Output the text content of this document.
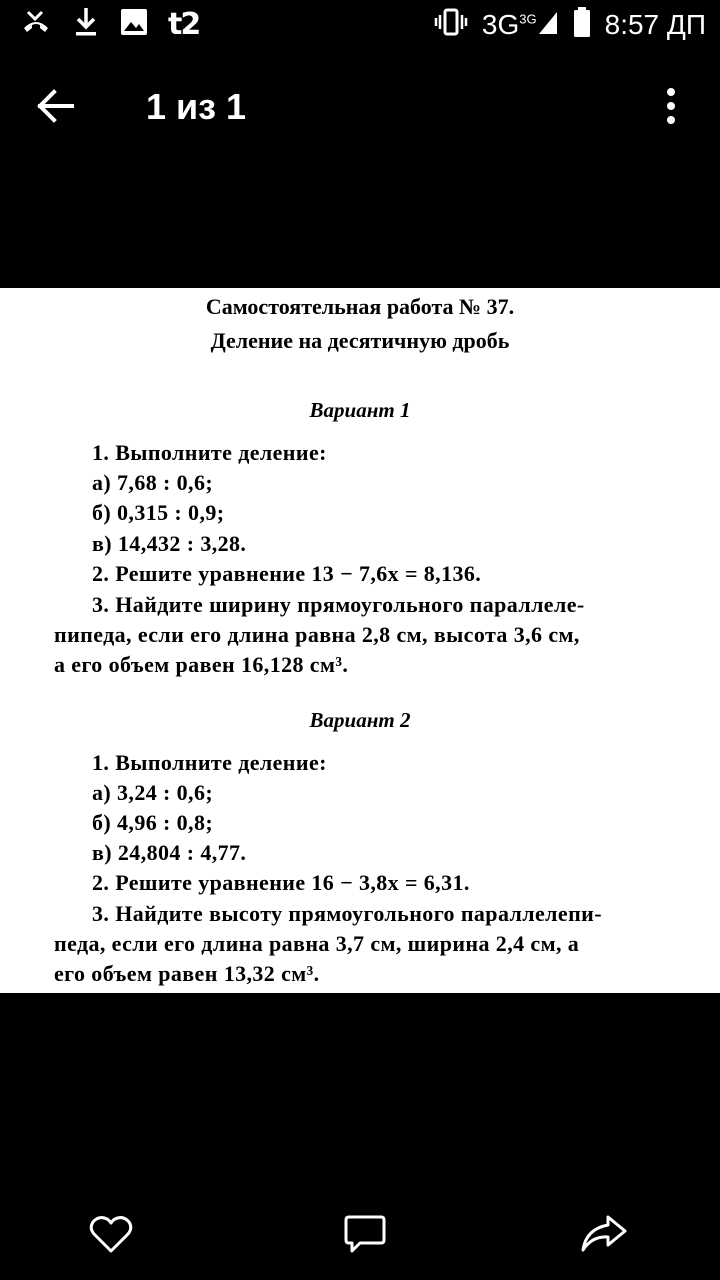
t2	$3G^{3G}$ 8:57 ДП
1 из 1
Самостоятельная работа № 37.
Деление на десятичную дробь
Вариант 1
1. Выполните деление:
а) 7,68 : 0,6;
б) 0,315 : 0,9;
в) 14,432 : 3,28.
2. Решите уравнение 13 − 7,6x = 8,136.
3. Найдите ширину прямоугольного параллеле-
пипеда, если его длина равна 2,8 см, высота 3,6 см,
а его объем равен 16,128 см³.
Вариант 2
1. Выполните деление:
а) 3,24 : 0,6;
б) 4,96 : 0,8;
в) 24,804 : 4,77.
2. Решите уравнение 16 − 3,8x = 6,31.
3. Найдите высоту прямоугольного параллелепи-
педа, если его длина равна 3,7 см, ширина 2,4 см, а
его объем равен 13,32 см³.
